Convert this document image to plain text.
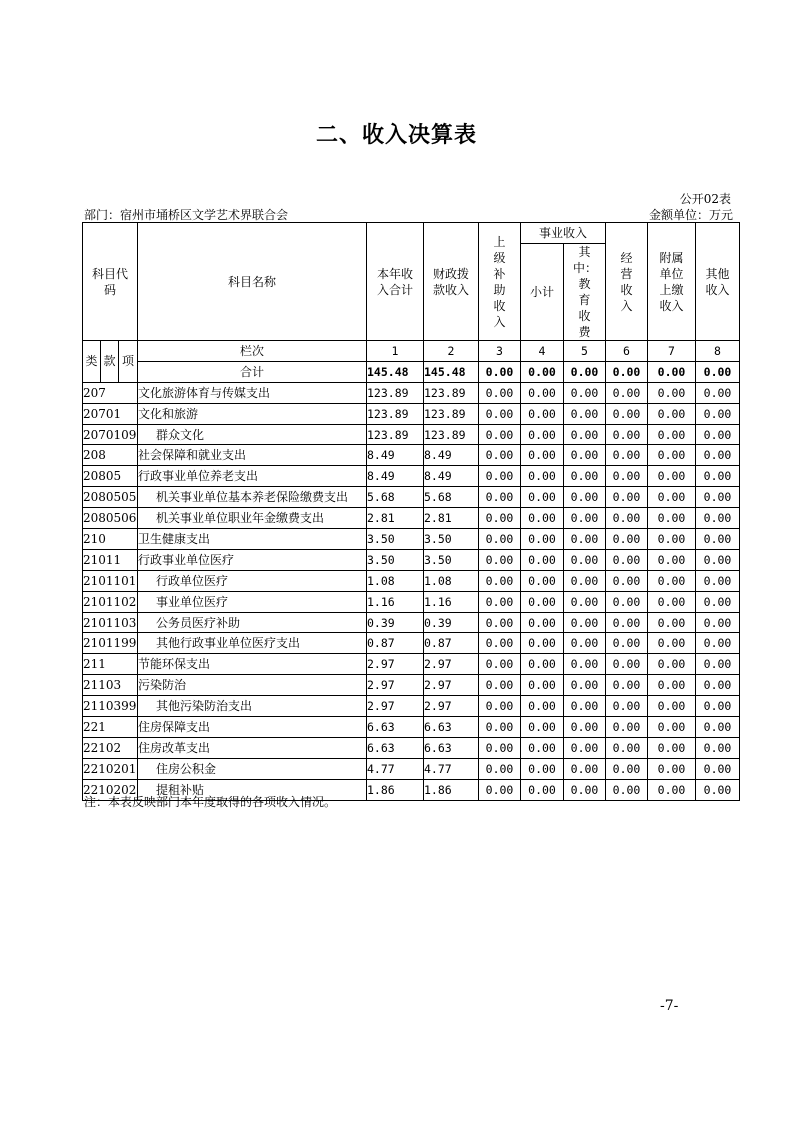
二、收入决算表
公开02表
部门：宿州市埇桥区文学艺术界联合会	金额单位：万元
科目代码			科目名称	本年收入合计	财政拨款收入	上级补助收入	事业收入		经营收入	附属单位上缴收入	其他收入
							小计	其中：教育收费			
类	款	项	栏次	1	2	3	4	5	6	7	8
			合计	145.48	145.48	0.00	0.00	0.00	0.00	0.00	0.00
207			文化旅游体育与传媒支出	123.89	123.89	0.00	0.00	0.00	0.00	0.00	0.00
20701			文化和旅游	123.89	123.89	0.00	0.00	0.00	0.00	0.00	0.00
2070109			群众文化	123.89	123.89	0.00	0.00	0.00	0.00	0.00	0.00
208			社会保障和就业支出	8.49	8.49	0.00	0.00	0.00	0.00	0.00	0.00
20805			行政事业单位养老支出	8.49	8.49	0.00	0.00	0.00	0.00	0.00	0.00
2080505			机关事业单位基本养老保险缴费支出	5.68	5.68	0.00	0.00	0.00	0.00	0.00	0.00
2080506			机关事业单位职业年金缴费支出	2.81	2.81	0.00	0.00	0.00	0.00	0.00	0.00
210			卫生健康支出	3.50	3.50	0.00	0.00	0.00	0.00	0.00	0.00
21011			行政事业单位医疗	3.50	3.50	0.00	0.00	0.00	0.00	0.00	0.00
2101101			行政单位医疗	1.08	1.08	0.00	0.00	0.00	0.00	0.00	0.00
2101102			事业单位医疗	1.16	1.16	0.00	0.00	0.00	0.00	0.00	0.00
2101103			公务员医疗补助	0.39	0.39	0.00	0.00	0.00	0.00	0.00	0.00
2101199			其他行政事业单位医疗支出	0.87	0.87	0.00	0.00	0.00	0.00	0.00	0.00
211			节能环保支出	2.97	2.97	0.00	0.00	0.00	0.00	0.00	0.00
21103			污染防治	2.97	2.97	0.00	0.00	0.00	0.00	0.00	0.00
2110399			其他污染防治支出	2.97	2.97	0.00	0.00	0.00	0.00	0.00	0.00
221			住房保障支出	6.63	6.63	0.00	0.00	0.00	0.00	0.00	0.00
22102			住房改革支出	6.63	6.63	0.00	0.00	0.00	0.00	0.00	0.00
2210201			住房公积金	4.77	4.77	0.00	0.00	0.00	0.00	0.00	0.00
2210202			提租补贴	1.86	1.86	0.00	0.00	0.00	0.00	0.00	0.00
注：本表反映部门本年度取得的各项收入情况。
-7-
